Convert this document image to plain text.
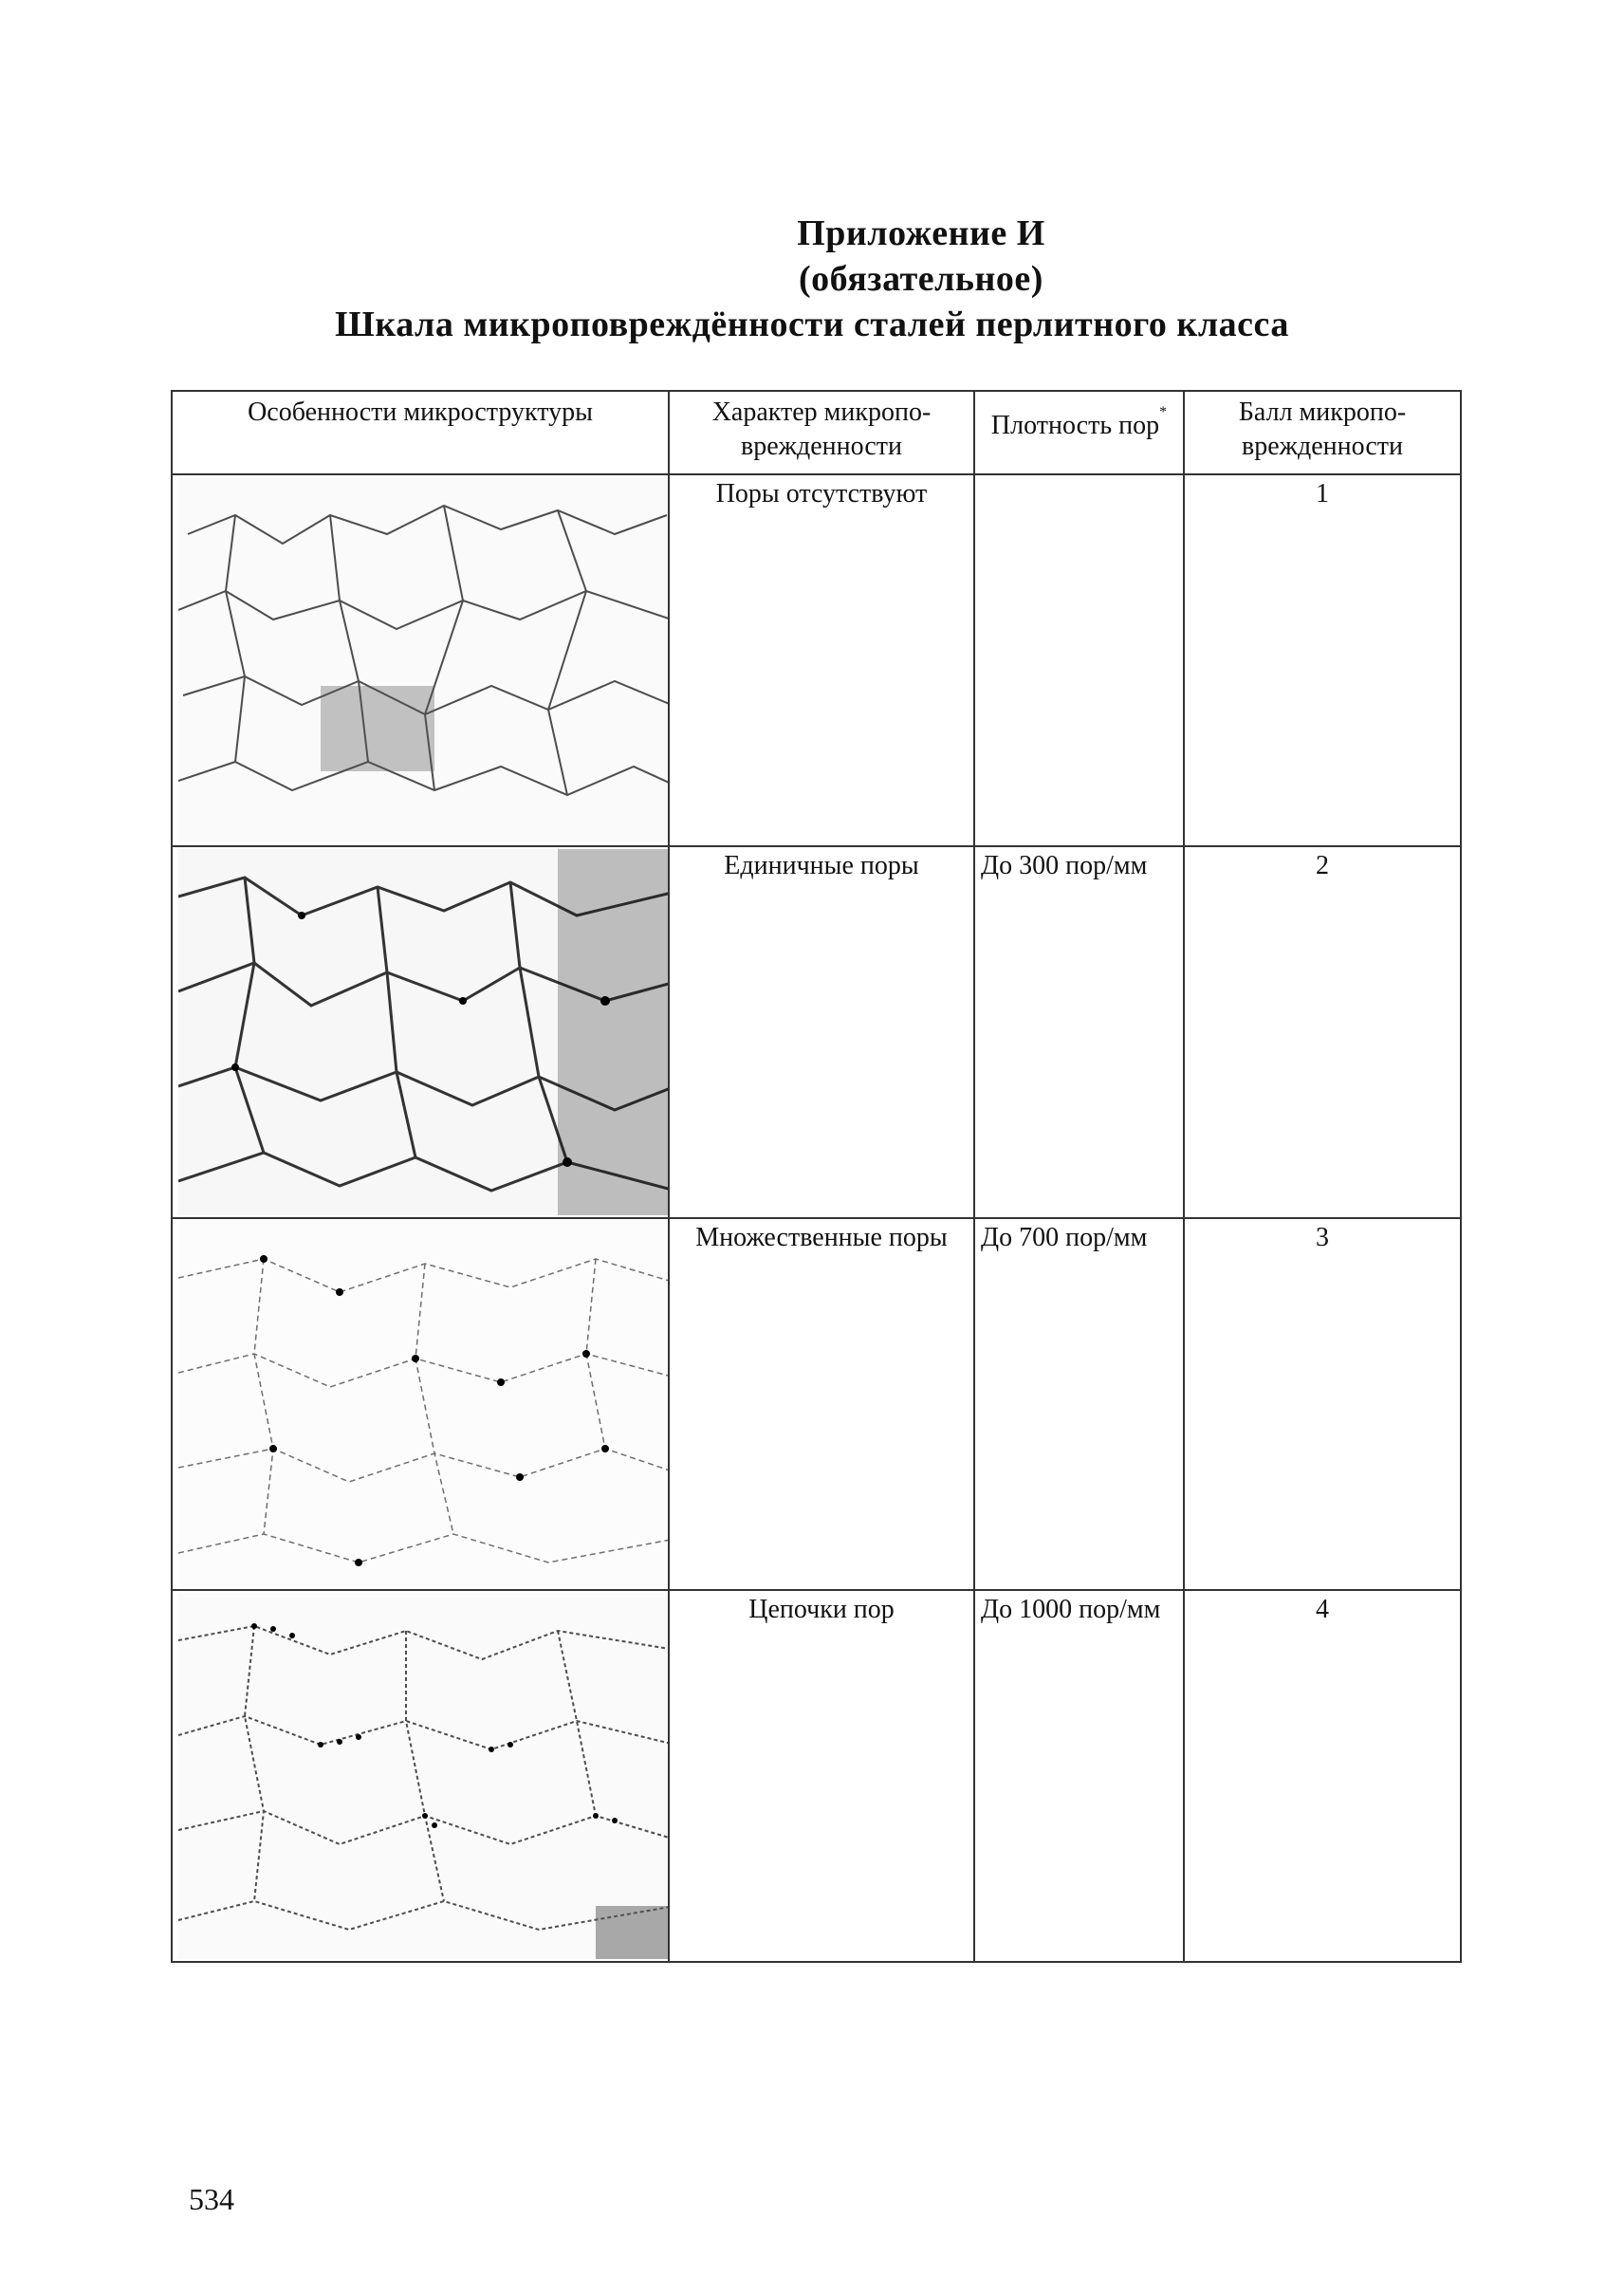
Приложение И
(обязательное)
Шкала микроповреждённости сталей перлитного класса
Особенности микроструктуры	Характер микропо-врежденности	Плотность пор*	Балл микропо-врежденности

	Поры отсутствуют		1

	Единичные поры	До 300 пор/мм	2

	Множественные поры	До 700 пор/мм	3

	Цепочки пор	До 1000 пор/мм	4
534
